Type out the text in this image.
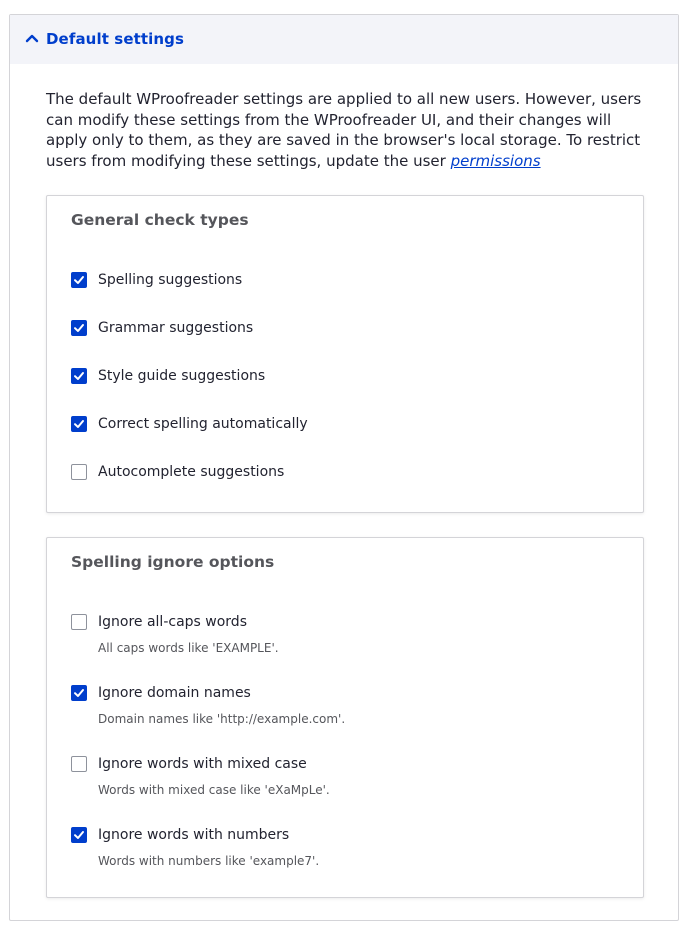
Default settings
The default WProofreader settings are applied to all new users. However, users can modify these settings from the WProofreader UI, and their changes will apply only to them, as they are saved in the browser's local storage. To restrict users from modifying these settings, update the user permissions
General check types
Spelling suggestions
Grammar suggestions
Style guide suggestions
Correct spelling automatically
Autocomplete suggestions
Spelling ignore options
Ignore all-caps words
All caps words like 'EXAMPLE'.
Ignore domain names
Domain names like 'http://example.com'.
Ignore words with mixed case
Words with mixed case like 'eXaMpLe'.
Ignore words with numbers
Words with numbers like 'example7'.
